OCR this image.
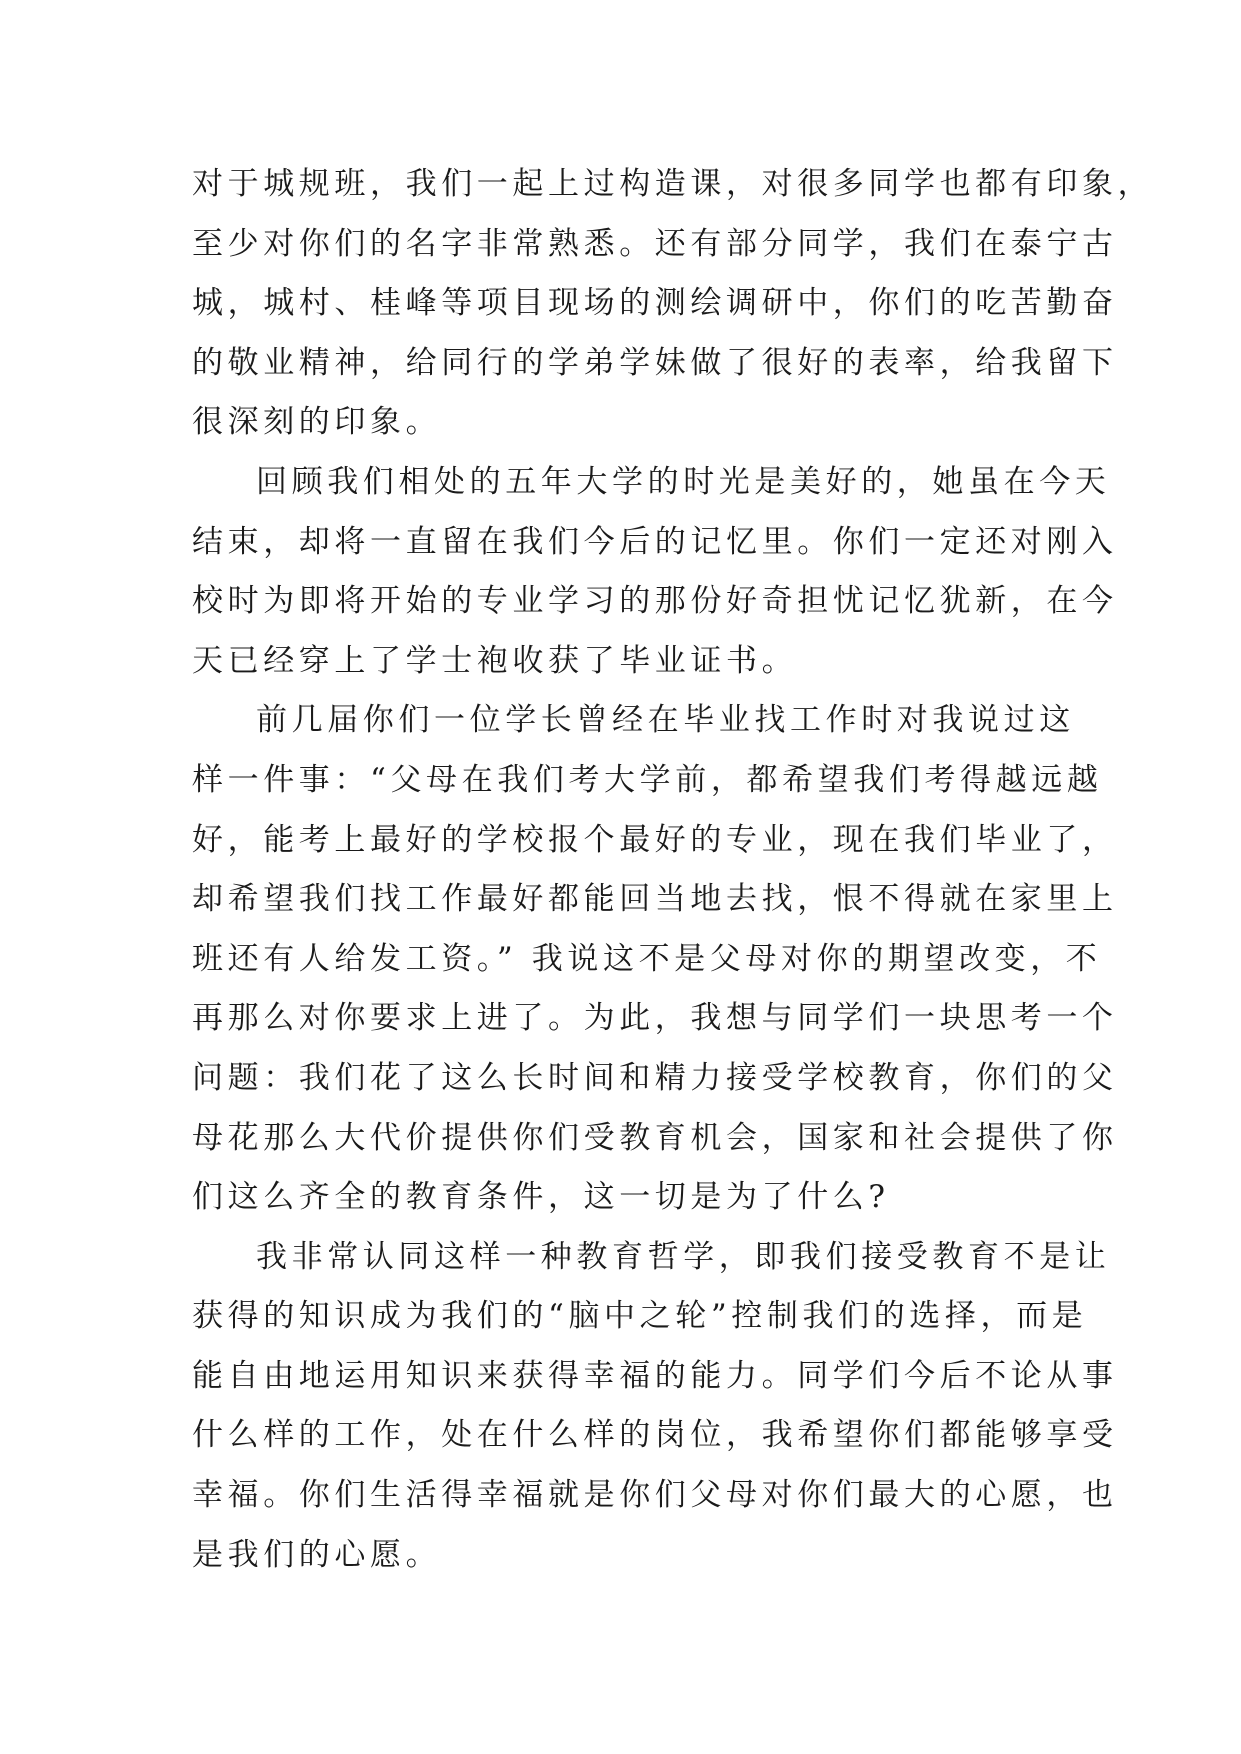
对于城规班，我们一起上过构造课，对很多同学也都有印象，
至少对你们的名字非常熟悉。还有部分同学，我们在泰宁古
城，城村、桂峰等项目现场的测绘调研中，你们的吃苦勤奋
的敬业精神，给同行的学弟学妹做了很好的表率，给我留下
很深刻的印象。
回顾我们相处的五年大学的时光是美好的，她虽在今天
结束，却将一直留在我们今后的记忆里。你们一定还对刚入
校时为即将开始的专业学习的那份好奇担忧记忆犹新，在今
天已经穿上了学士袍收获了毕业证书。
前几届你们一位学长曾经在毕业找工作时对我说过这
样一件事：“父母在我们考大学前，都希望我们考得越远越
好，能考上最好的学校报个最好的专业，现在我们毕业了，
却希望我们找工作最好都能回当地去找，恨不得就在家里上
班还有人给发工资。” 我说这不是父母对你的期望改变，不
再那么对你要求上进了。为此，我想与同学们一块思考一个
问题：我们花了这么长时间和精力接受学校教育，你们的父
母花那么大代价提供你们受教育机会，国家和社会提供了你
们这么齐全的教育条件，这一切是为了什么?
我非常认同这样一种教育哲学，即我们接受教育不是让
获得的知识成为我们的“脑中之轮”控制我们的选择，而是
能自由地运用知识来获得幸福的能力。同学们今后不论从事
什么样的工作，处在什么样的岗位，我希望你们都能够享受
幸福。你们生活得幸福就是你们父母对你们最大的心愿，也
是我们的心愿。
